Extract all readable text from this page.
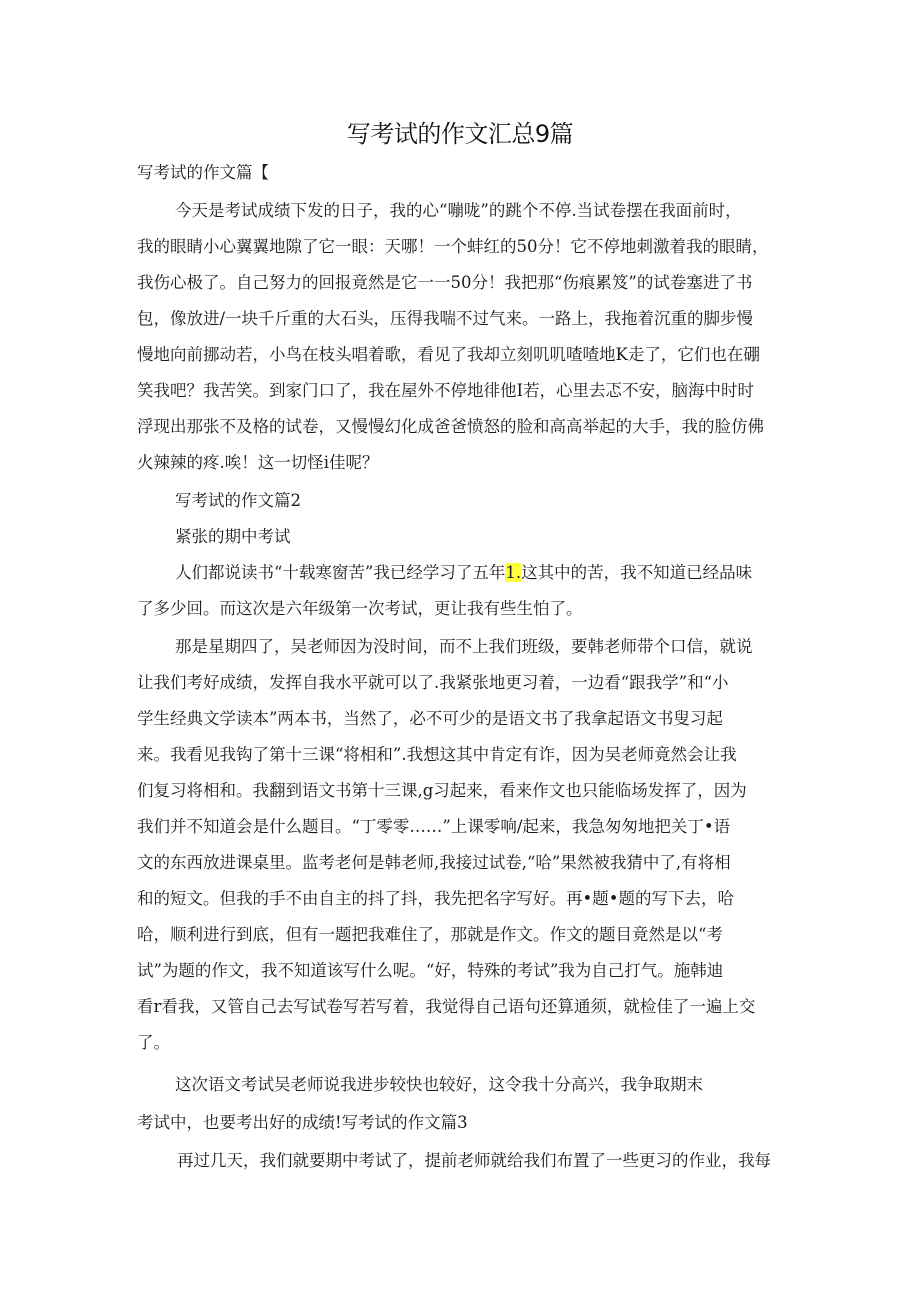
写考试的作文汇总9篇
写考试的作文篇【
今天是考试成绩下发的日子，我的心“嘣咙”的跳个不停.当试卷摆在我面前时，
我的眼睛小心翼翼地隙了它一眼：天哪！一个蚌红的50分！它不停地刺激着我的眼睛，
我伤心极了。自己努力的回报竟然是它一一50分！我把那“伤痕累笈”的试卷塞进了书
包，像放进/一块千斤重的大石头，压得我喘不过气来。一路上，我拖着沉重的脚步慢
慢地向前挪动若，小鸟在枝头唱着歌，看见了我却立刻叽叽喳喳地K走了，它们也在硼
笑我吧？我苦笑。到家门口了，我在屋外不停地徘他I若，心里去忑不安，脑海中时时
浮现出那张不及格的试卷，又慢慢幻化成爸爸愤怒的脸和高高举起的大手，我的脸仿佛
火辣辣的疼.唉！这一切怪i佳呢？
写考试的作文篇2
紧张的期中考试
人们都说读书“十载寒窗苦”我已经学习了五年1.这其中的苦，我不知道已经品味
了多少回。而这次是六年级第一次考试，更让我有些生怕了。
那是星期四了，吴老师因为没时间，而不上我们班级，要韩老师带个口信，就说
让我们考好成绩，发挥自我水平就可以了.我紧张地更习着，一边看“跟我学”和“小
学生经典文学读本”两本书，当然了，必不可少的是语文书了我拿起语文书叟习起
来。我看见我钩了第十三课“将相和”.我想这其中肯定有诈，因为吴老师竟然会让我
们复习将相和。我翻到语文书第十三课,g习起来，看来作文也只能临场发挥了，因为
我们并不知道会是什么题目。“丁零零……”上课零响/起来，我急匆匆地把关丁•语
文的东西放进课桌里。监考老何是韩老师,我接过试卷,“哈”果然被我猜中了,有将相
和的短文。但我的手不由自主的抖了抖，我先把名字写好。再•题•题的写下去，哈
哈，顺利进行到底，但有一题把我难住了，那就是作文。作文的题目竟然是以“考
试”为题的作文，我不知道该写什么呢。“好，特殊的考试”我为自己打气。施韩迪
看r看我，又管自己去写试卷写若写着，我觉得自己语句还算通须，就检佳了一遍上交
了。
这次语文考试吴老师说我进步较快也较好，这令我十分高兴，我争取期末
考试中，也要考出好的成绩!写考试的作文篇3
再过几天，我们就要期中考试了，提前老师就给我们布置了一些更习的作业，我每
